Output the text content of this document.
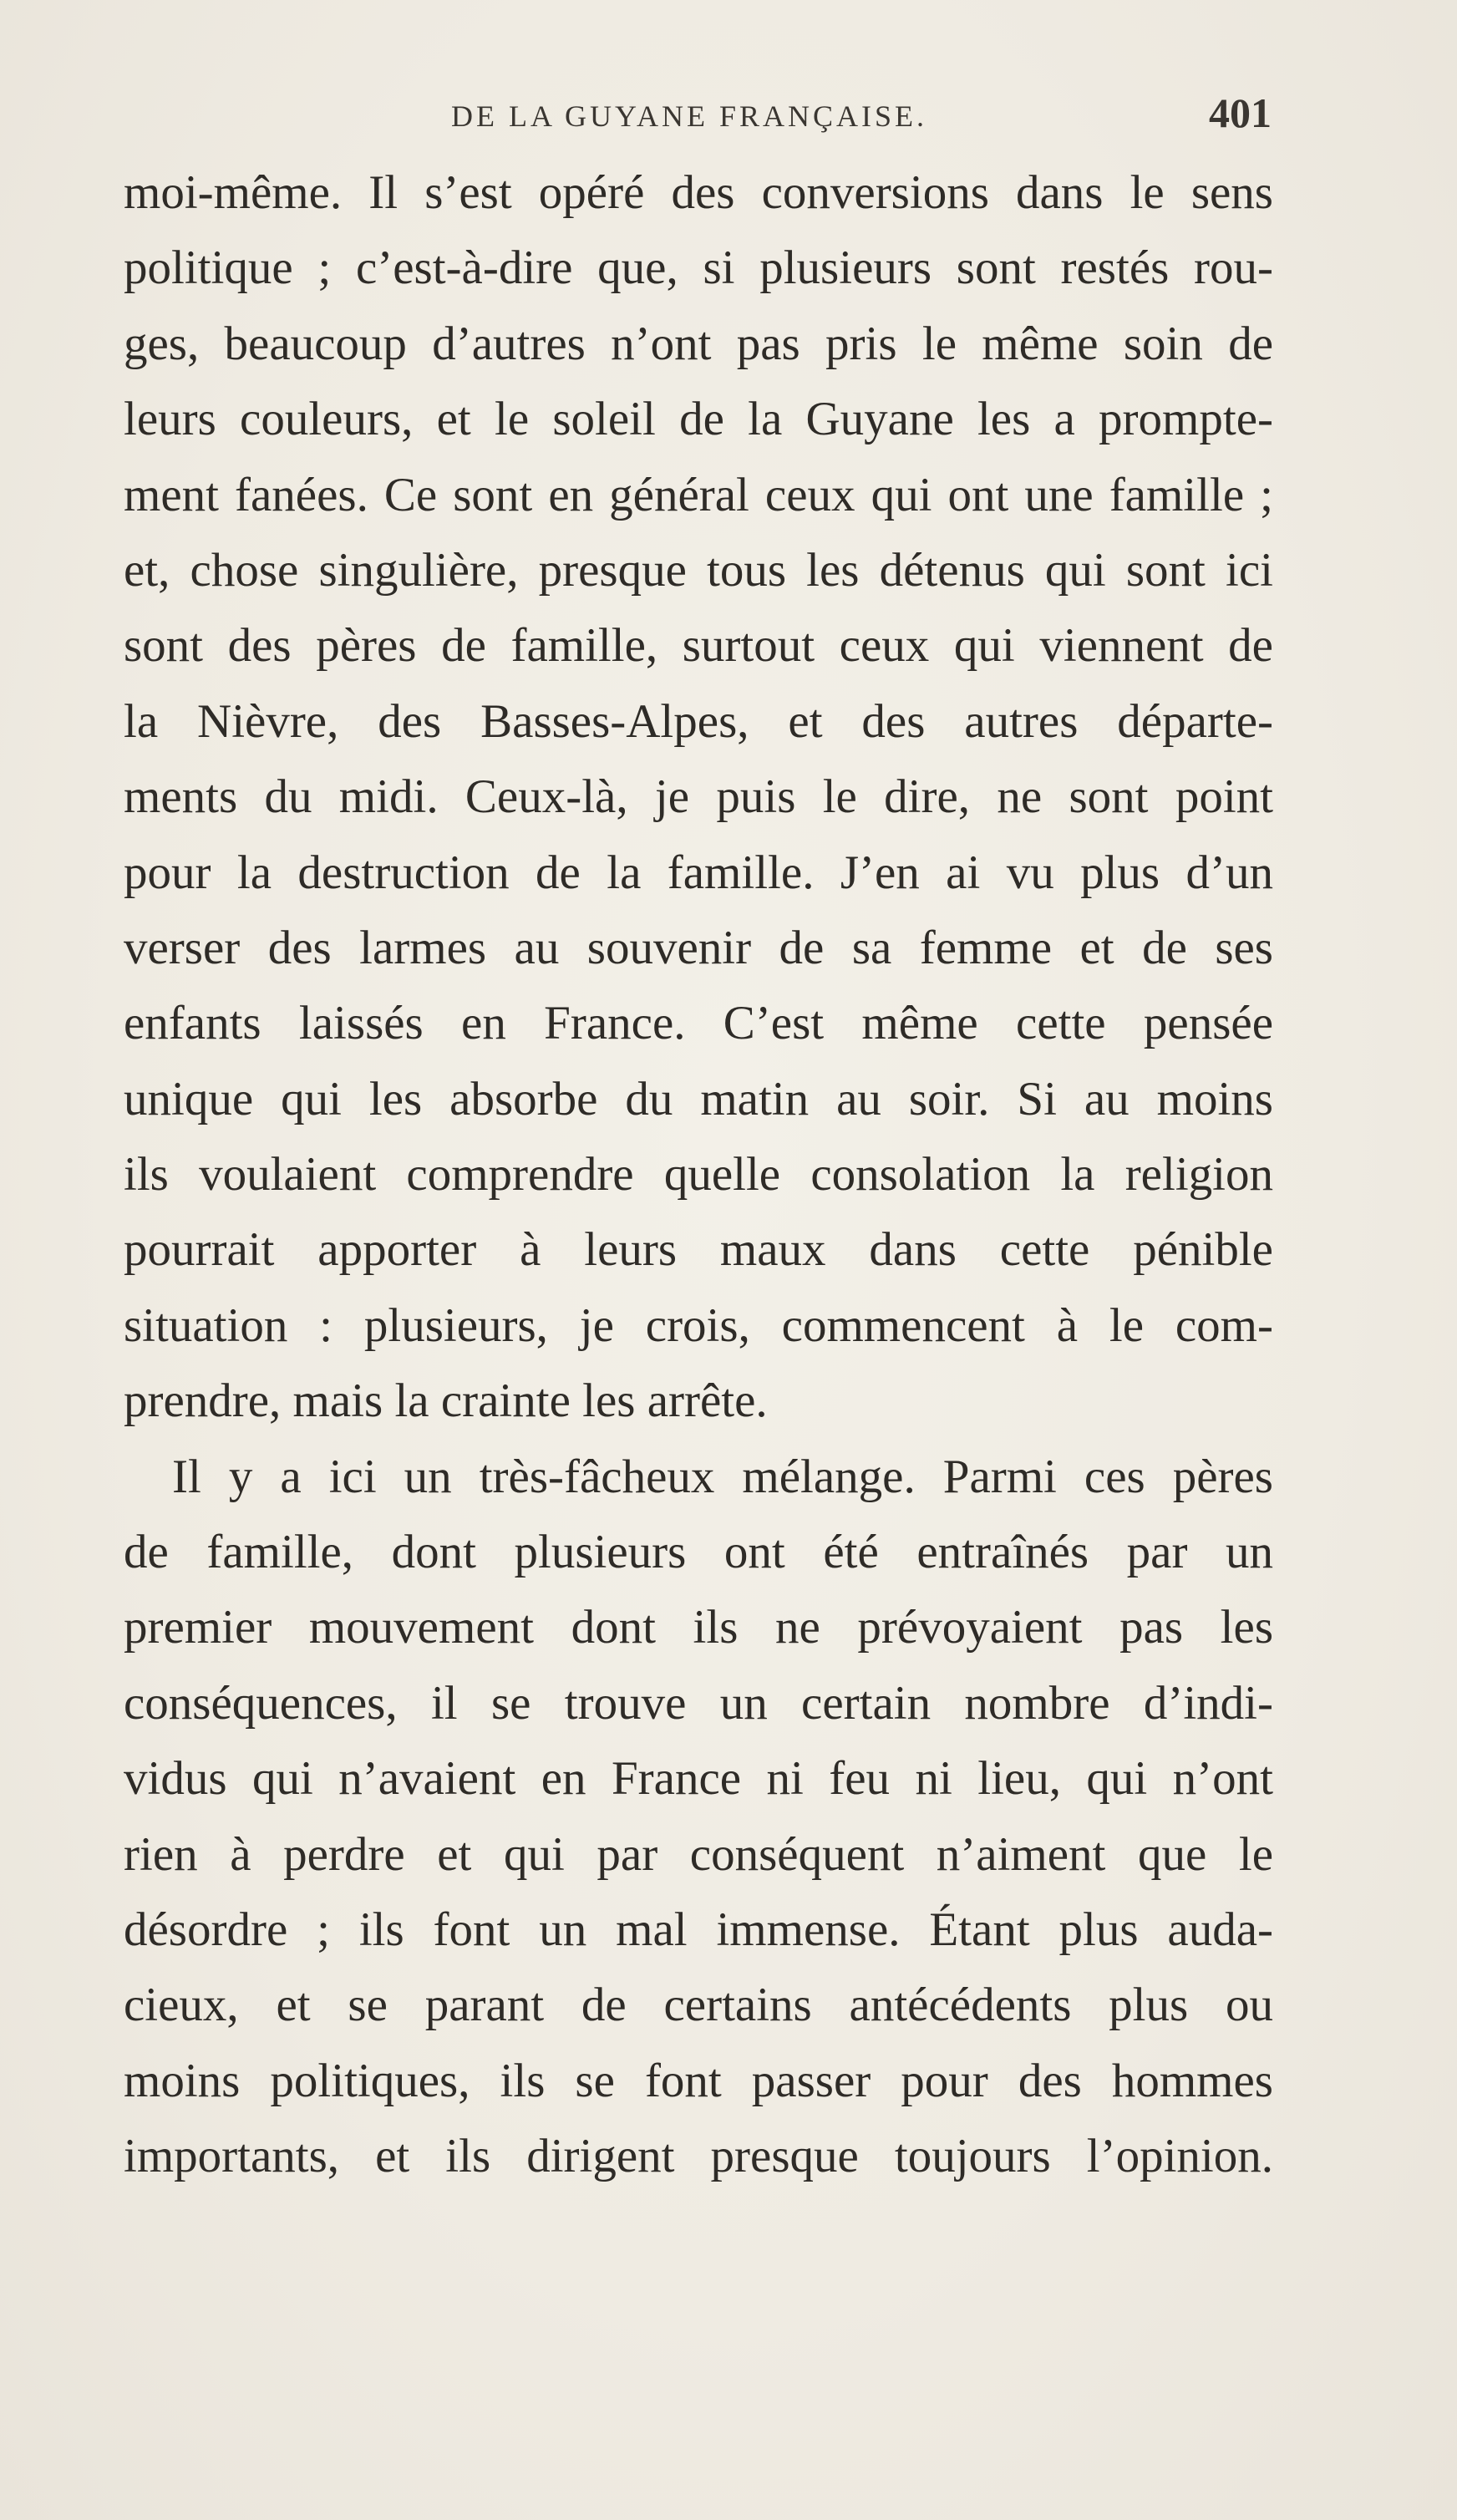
DE LA GUYANE FRANÇAISE.	401
moi-même. Il s’est opéré des conversions dans le sens
politique ; c’est-à-dire que, si plusieurs sont restés rou-
ges, beaucoup d’autres n’ont pas pris le même soin de
leurs couleurs, et le soleil de la Guyane les a prompte-
ment fanées. Ce sont en général ceux qui ont une famille ;
et, chose singulière, presque tous les détenus qui sont ici
sont des pères de famille, surtout ceux qui viennent de
la Nièvre, des Basses-Alpes, et des autres départe-
ments du midi. Ceux-là, je puis le dire, ne sont point
pour la destruction de la famille. J’en ai vu plus d’un
verser des larmes au souvenir de sa femme et de ses
enfants laissés en France. C’est même cette pensée
unique qui les absorbe du matin au soir. Si au moins
ils voulaient comprendre quelle consolation la religion
pourrait apporter à leurs maux dans cette pénible
situation : plusieurs, je crois, commencent à le com-
prendre, mais la crainte les arrête.
Il y a ici un très-fâcheux mélange. Parmi ces pères
de famille, dont plusieurs ont été entraînés par un
premier mouvement dont ils ne prévoyaient pas les
conséquences, il se trouve un certain nombre d’indi-
vidus qui n’avaient en France ni feu ni lieu, qui n’ont
rien à perdre et qui par conséquent n’aiment que le
désordre ; ils font un mal immense. Étant plus auda-
cieux, et se parant de certains antécédents plus ou
moins politiques, ils se font passer pour des hommes
importants, et ils dirigent presque toujours l’opinion.
